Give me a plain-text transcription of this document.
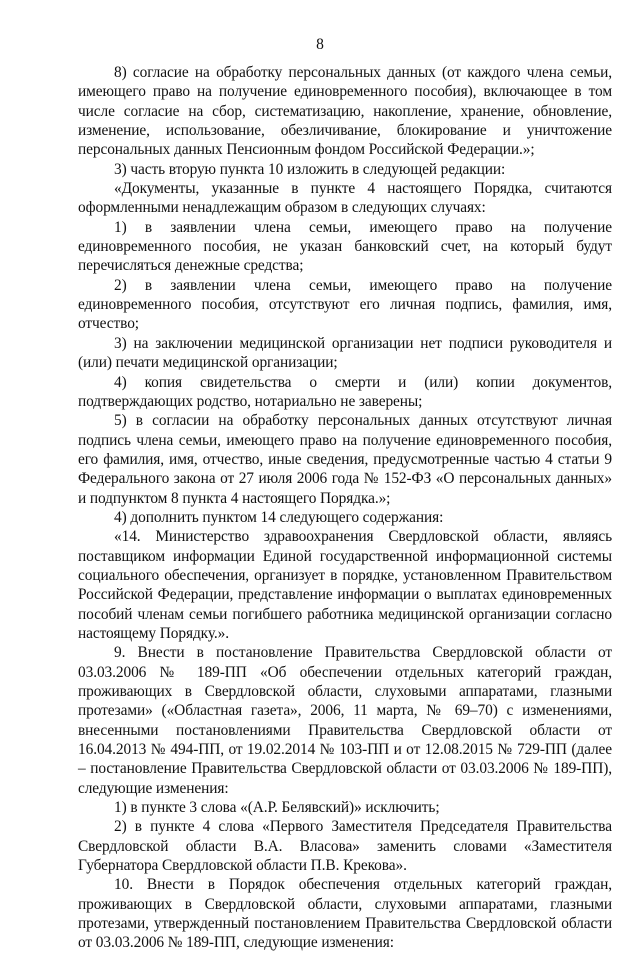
8

8) согласие на обработку персональных данных (от каждого члена семьи, имеющего право на получение единовременного пособия), включающее в том числе согласие на сбор, систематизацию, накопление, хранение, обновление, изменение, использование, обезличивание, блокирование и уничтожение персональных данных Пенсионным фондом Российской Федерации.»;

3) часть вторую пункта 10 изложить в следующей редакции:

«Документы, указанные в пункте 4 настоящего Порядка, считаются оформленными ненадлежащим образом в следующих случаях:

1) в заявлении члена семьи, имеющего право на получение единовременного пособия, не указан банковский счет, на который будут перечисляться денежные средства;

2) в заявлении члена семьи, имеющего право на получение единовременного пособия, отсутствуют его личная подпись, фамилия, имя, отчество;

3) на заключении медицинской организации нет подписи руководителя и (или) печати медицинской организации;

4) копия свидетельства о смерти и (или) копии документов, подтверждающих родство, нотариально не заверены;

5) в согласии на обработку персональных данных отсутствуют личная подпись члена семьи, имеющего право на получение единовременного пособия, его фамилия, имя, отчество, иные сведения, предусмотренные частью 4 статьи 9 Федерального закона от 27 июля 2006 года № 152-ФЗ «О персональных данных» и подпунктом 8 пункта 4 настоящего Порядка.»;

4) дополнить пунктом 14 следующего содержания:

«14. Министерство здравоохранения Свердловской области, являясь поставщиком информации Единой государственной информационной системы социального обеспечения, организует в порядке, установленном Правительством Российской Федерации, представление информации о выплатах единовременных пособий членам семьи погибшего работника медицинской организации согласно настоящему Порядку.».

9. Внести в постановление Правительства Свердловской области от 03.03.2006 № 189-ПП «Об обеспечении отдельных категорий граждан, проживающих в Свердловской области, слуховыми аппаратами, глазными протезами» («Областная газета», 2006, 11 марта, № 69–70) с изменениями, внесенными постановлениями Правительства Свердловской области от 16.04.2013 № 494-ПП, от 19.02.2014 № 103-ПП и от 12.08.2015 № 729-ПП (далее – постановление Правительства Свердловской области от 03.03.2006 № 189-ПП), следующие изменения:

1) в пункте 3 слова «(А.Р. Белявский)» исключить;

2) в пункте 4 слова «Первого Заместителя Председателя Правительства Свердловской области В.А. Власова» заменить словами «Заместителя Губернатора Свердловской области П.В. Крекова».

10. Внести в Порядок обеспечения отдельных категорий граждан, проживающих в Свердловской области, слуховыми аппаратами, глазными протезами, утвержденный постановлением Правительства Свердловской области от 03.03.2006 № 189-ПП, следующие изменения:
